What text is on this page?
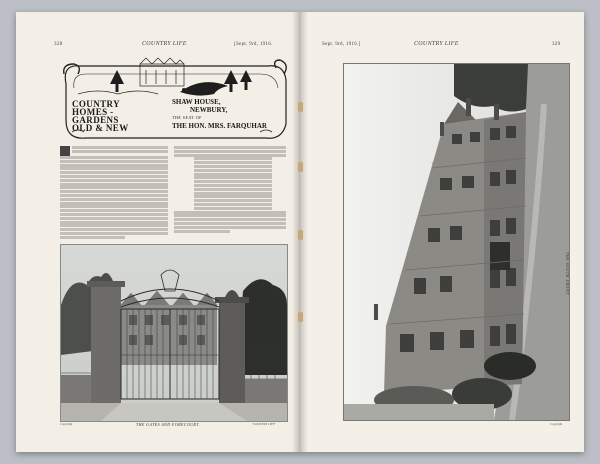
328	COUNTRY LIFE	[Sept. 9rd, 1916.
COUNTRY
HOMES -
GARDENS
OLD & NEW
SHAW HOUSE,
NEWBURY,
THE SEAT OF
THE HON. MRS. FARQUHAR
Copyright	THE GATES AND FORECOURT.	"COUNTRY LIFE"
Sept. 9rd, 1916.]	COUNTRY LIFE	329
THE SOUTH FRONT.
Copyright
